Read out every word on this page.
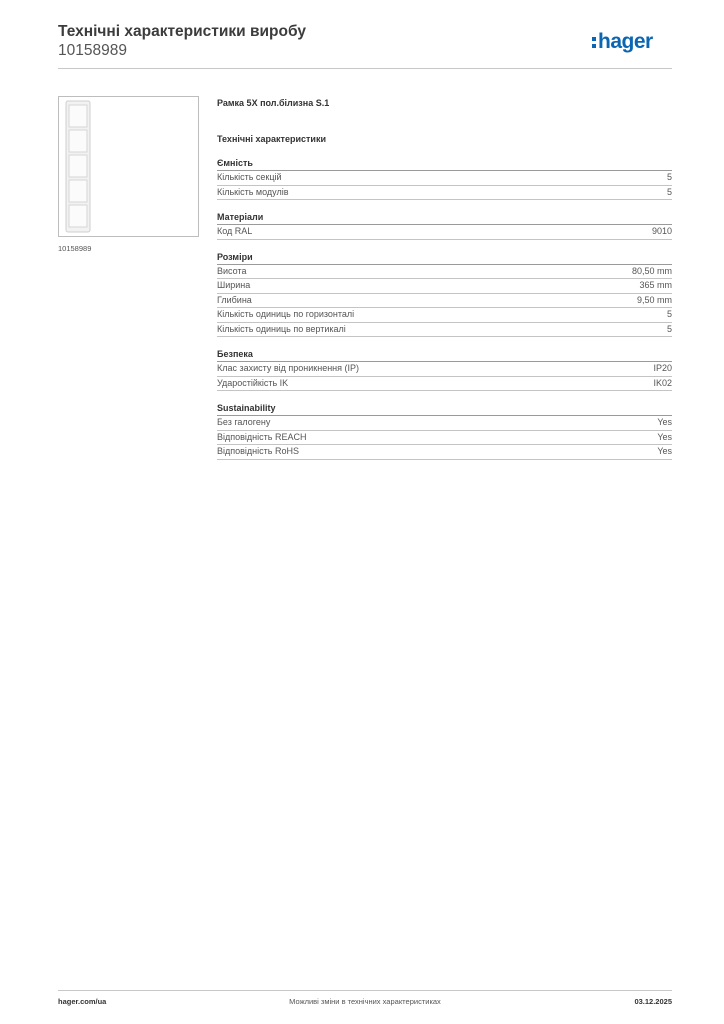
Технічні характеристики виробу
10158989	hager
10158989
Рамка 5Х пол.білизна S.1
Технічні характеристики
Ємність
Кількість секцій	5
Кількість модулів	5
Матеріали
Код RAL	9010
Розміри
Висота	80,50 mm
Ширина	365 mm
Глибина	9,50 mm
Кількість одиниць по горизонталі	5
Кількість одиниць по вертикалі	5
Безпека
Клас захисту від проникнення (IP)	IP20
Ударостійкість IK	IK02
Sustainability
Без галогену	Yes
Відповідність REACH	Yes
Відповідність RoHS	Yes
hager.com/ua	Можливі зміни в технічних характеристиках	03.12.2025
